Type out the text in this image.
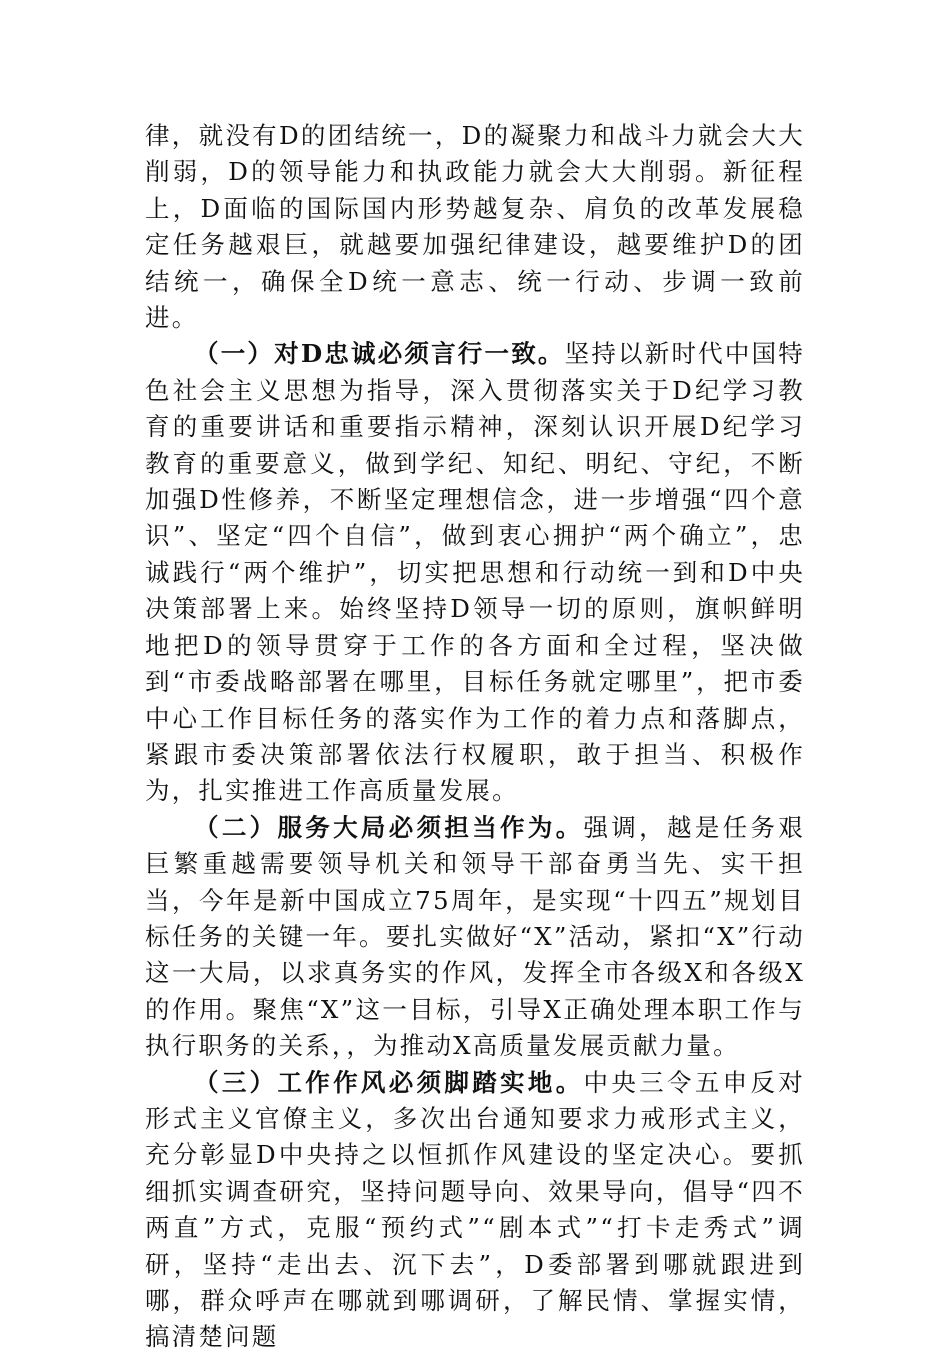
律，就没有D的团结统一，D的凝聚力和战斗力就会大大削弱，D的领导能力和执政能力就会大大削弱。新征程上，D面临的国际国内形势越复杂、肩负的改革发展稳定任务越艰巨，就越要加强纪律建设，越要维护D的团结统一，确保全D统一意志、统一行动、步调一致前进。

（一）对D忠诚必须言行一致。坚持以新时代中国特色社会主义思想为指导，深入贯彻落实关于D纪学习教育的重要讲话和重要指示精神，深刻认识开展D纪学习教育的重要意义，做到学纪、知纪、明纪、守纪，不断加强D性修养，不断坚定理想信念，进一步增强“四个意识”、坚定“四个自信”，做到衷心拥护“两个确立”，忠诚践行“两个维护”，切实把思想和行动统一到和D中央决策部署上来。始终坚持D领导一切的原则，旗帜鲜明地把D的领导贯穿于工作的各方面和全过程，坚决做到“市委战略部署在哪里，目标任务就定哪里”，把市委中心工作目标任务的落实作为工作的着力点和落脚点，紧跟市委决策部署依法行权履职，敢于担当、积极作为，扎实推进工作高质量发展。

（二）服务大局必须担当作为。强调，越是任务艰巨繁重越需要领导机关和领导干部奋勇当先、实干担当，今年是新中国成立75周年，是实现“十四五”规划目标任务的关键一年。要扎实做好“X”活动，紧扣“X”行动这一大局，以求真务实的作风，发挥全市各级X和各级X的作用。聚焦“X”这一目标，引导X正确处理本职工作与执行职务的关系，，为推动X高质量发展贡献力量。

（三）工作作风必须脚踏实地。中央三令五申反对形式主义官僚主义，多次出台通知要求力戒形式主义，充分彰显D中央持之以恒抓作风建设的坚定决心。要抓细抓实调查研究，坚持问题导向、效果导向，倡导“四不两直”方式，克服“预约式”“剧本式”“打卡走秀式”调研，坚持“走出去、沉下去”，D委部署到哪就跟进到哪，群众呼声在哪就到哪调研，了解民情、掌握实情，搞清楚问题
